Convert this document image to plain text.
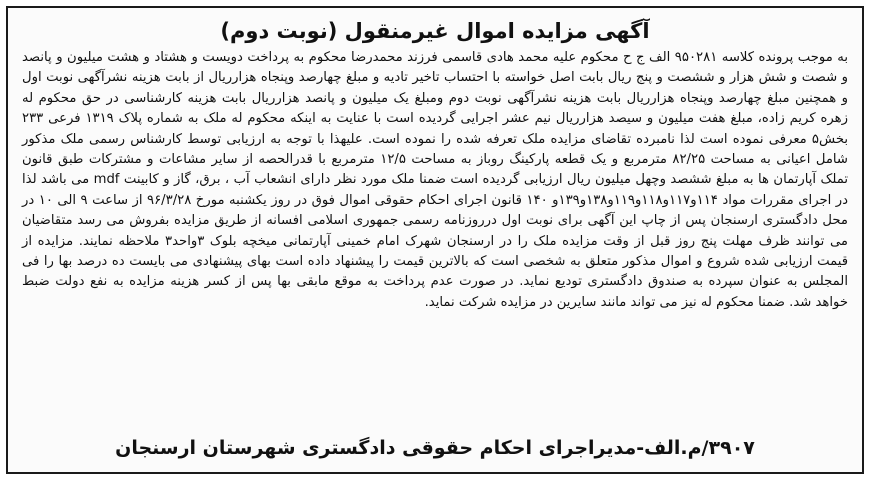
آگهی مزایده اموال غیرمنقول (نوبت دوم)
به موجب پرونده کلاسه ۹۵۰۲۸۱ الف ج ح محکوم علیه محمد هادی قاسمی فرزند محمدرضا محکوم به پرداخت دویست و هشتاد و هشت میلیون و پانصد و شصت و شش هزار و ششصت و پنج ریال بابت اصل خواسته با احتساب تاخیر تادیه و مبلغ چهارصد وپنجاه هزارریال از بابت هزینه نشرآگهی نوبت اول و همچنین مبلغ چهارصد وپنجاه هزارریال بابت هزینه نشرآگهی نوبت دوم ومبلغ یک میلیون و پانصد هزارریال بابت هزینه کارشناسی در حق محکوم له زهره کریم زاده، مبلغ هفت میلیون و سیصد هزارریال نیم عشر اجرایی گردیده است با عنایت به اینکه محکوم له ملک به شماره پلاک ۱۳۱۹ فرعی ۲۳۳ بخش۵ معرفی نموده است لذا نامبرده تقاضای مزایده ملک تعرفه شده را نموده است. علیهذا با توجه به ارزیابی توسط کارشناس رسمی ملک مذکور شامل اعیانی به مساحت ۸۲/۲۵ مترمربع و یک قطعه پارکینگ روباز به مساحت ۱۲/۵ مترمربع با قدرالحصه از سایر مشاعات و مشترکات طبق قانون تملک آپارتمان ها به مبلغ ششصد وچهل میلیون ریال ارزیابی گردیده است ضمنا ملک مورد نظر دارای انشعاب آب ، برق، گاز و کابینت mdf می باشد لذا در اجرای مقررات مواد ۱۱۴و۱۱۷و۱۱۸و۱۱۹و۱۳۸و۱۳۹و ۱۴۰ قانون اجرای احکام حقوقی اموال فوق در روز یکشنبه مورخ ۹۶/۳/۲۸ از ساعت ۹ الی ۱۰ در محل دادگستری ارسنجان پس از چاپ این آگهی برای نوبت اول درروزنامه رسمی جمهوری اسلامی افسانه از طریق مزایده بفروش می رسد متقاضیان می توانند ظرف مهلت پنج روز قبل از وقت مزایده ملک را در ارسنجان شهرک امام خمینی آپارتمانی میخچه بلوک ۳واحد۳ ملاحظه نمایند. مزایده از قیمت ارزیابی شده شروع و اموال مذکور متعلق به شخصی است که بالاترین قیمت را پیشنهاد داده است بهای پیشنهادی می بایست ده درصد بها را فی المجلس به عنوان سپرده به صندوق دادگستری تودیع نماید. در صورت عدم پرداخت به موقع مابقی بها پس از کسر هزینه مزایده به نفع دولت ضبط خواهد شد. ضمنا محکوم له نیز می تواند مانند سایرین در مزایده شرکت نماید.
۳۹۰۷/م.الف-مدیراجرای احکام حقوقی دادگستری شهرستان ارسنجان
